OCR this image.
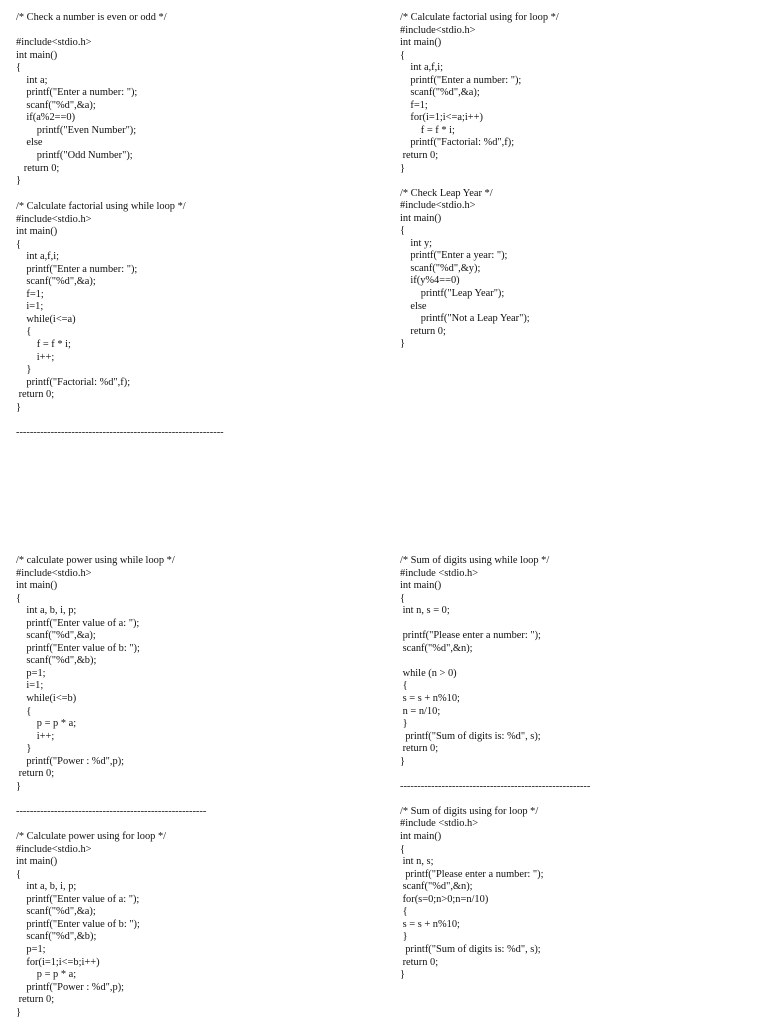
/* Check a number is even or odd */
#include<stdio.h>
int main()
{
int a;
printf("Enter a number: ");
scanf("%d",&a);
if(a%2==0)
printf("Even Number");
else
printf("Odd Number");
return 0;
}
/* Calculate factorial using while loop */
#include<stdio.h>
int main()
{
int a,f,i;
printf("Enter a number: ");
scanf("%d",&a);
f=1;
i=1;
while(i<=a)
{
f = f * i;
i++;
}
printf("Factorial: %d",f);
return 0;
}
------------------------------------------------------------
/* calculate power using while loop */
#include<stdio.h>
int main()
{
int a, b, i, p;
printf("Enter value of a: ");
scanf("%d",&a);
printf("Enter value of b: ");
scanf("%d",&b);
p=1;
i=1;
while(i<=b)
{
p = p * a;
i++;
}
printf("Power : %d",p);
return 0;
}
-------------------------------------------------------
/* Calculate power using for loop */
#include<stdio.h>
int main()
{
int a, b, i, p;
printf("Enter value of a: ");
scanf("%d",&a);
printf("Enter value of b: ");
scanf("%d",&b);
p=1;
for(i=1;i<=b;i++)
p = p * a;
printf("Power : %d",p);
return 0;
}
/* Calculate factorial using for loop */
#include<stdio.h>
int main()
{
int a,f,i;
printf("Enter a number: ");
scanf("%d",&a);
f=1;
for(i=1;i<=a;i++)
f = f * i;
printf("Factorial: %d",f);
return 0;
}
/* Check Leap Year */
#include<stdio.h>
int main()
{
int y;
printf("Enter a year: ");
scanf("%d",&y);
if(y%4==0)
printf("Leap Year");
else
printf("Not a Leap Year");
return 0;
}
/* Sum of digits using while loop */
#include <stdio.h>
int main()
{
int n, s = 0;
printf("Please enter a number: ");
scanf("%d",&n);
while (n > 0)
{
s = s + n%10;
n = n/10;
}
printf("Sum of digits is: %d", s);
return 0;
}
-------------------------------------------------------
/* Sum of digits using for loop */
#include <stdio.h>
int main()
{
int n, s;
printf("Please enter a number: ");
scanf("%d",&n);
for(s=0;n>0;n=n/10)
{
s = s + n%10;
}
printf("Sum of digits is: %d", s);
return 0;
}
